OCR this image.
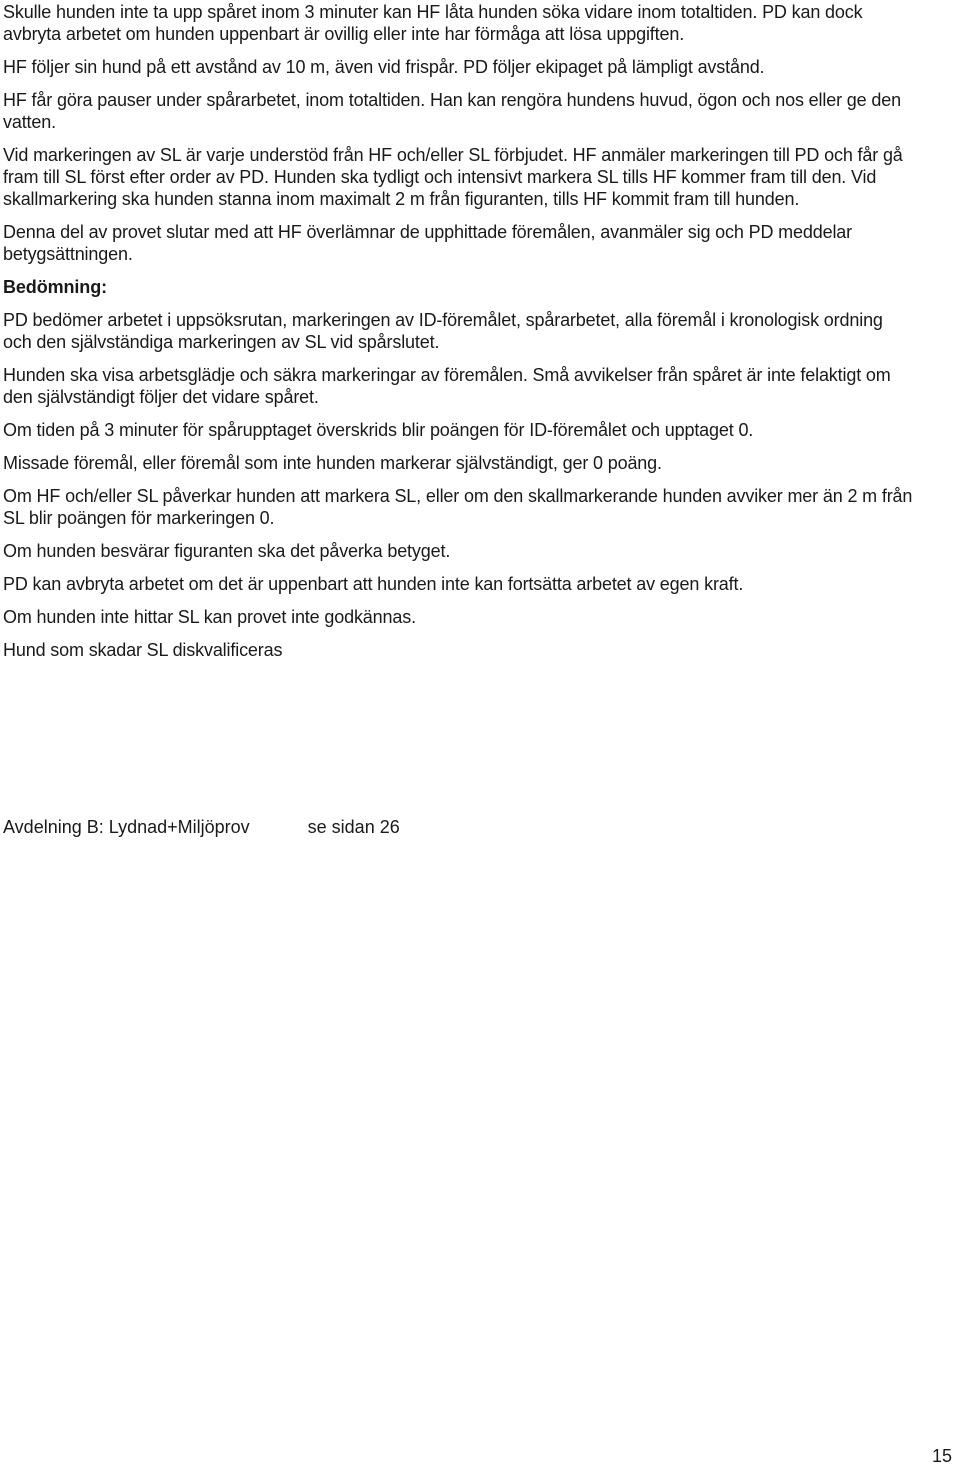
Skulle hunden inte ta upp spåret inom 3 minuter kan HF låta hunden söka vidare inom totaltiden. PD kan dock avbryta arbetet om hunden uppenbart är ovillig eller inte har förmåga att lösa uppgiften.

HF följer sin hund på ett avstånd av 10 m, även vid frispår. PD följer ekipaget på lämpligt avstånd.

HF får göra pauser under spårarbetet, inom totaltiden. Han kan rengöra hundens huvud, ögon och nos eller ge den vatten.

Vid markeringen av SL är varje understöd från HF och/eller SL förbjudet. HF anmäler markeringen till PD och får gå fram till SL först efter order av PD. Hunden ska tydligt och intensivt markera SL tills HF kommer fram till den. Vid skallmarkering ska hunden stanna inom maximalt 2 m från figuranten, tills HF kommit fram till hunden.

Denna del av provet slutar med att HF överlämnar de upphittade föremålen, avanmäler sig och PD meddelar betygsättningen.

Bedömning:

PD bedömer arbetet i uppsöksrutan, markeringen av ID-föremålet, spårarbetet, alla föremål i kronologisk ordning och den självständiga markeringen av SL vid spårslutet.

Hunden ska visa arbetsglädje och säkra markeringar av föremålen. Små avvikelser från spåret är inte felaktigt om den självständigt följer det vidare spåret.

Om tiden på 3 minuter för spårupptaget överskrids blir poängen för ID-föremålet och upptaget 0.

Missade föremål, eller föremål som inte hunden markerar självständigt, ger 0 poäng.

Om HF och/eller SL påverkar hunden att markera SL, eller om den skallmarkerande hunden avviker mer än 2 m från SL blir poängen för markeringen 0.

Om hunden besvärar figuranten ska det påverka betyget.

PD kan avbryta arbetet om det är uppenbart att hunden inte kan fortsätta arbetet av egen kraft.

Om hunden inte hittar SL kan provet inte godkännas.

Hund som skadar SL diskvalificeras

Avdelning B: Lydnad+Miljöprov	se sidan 26
15
